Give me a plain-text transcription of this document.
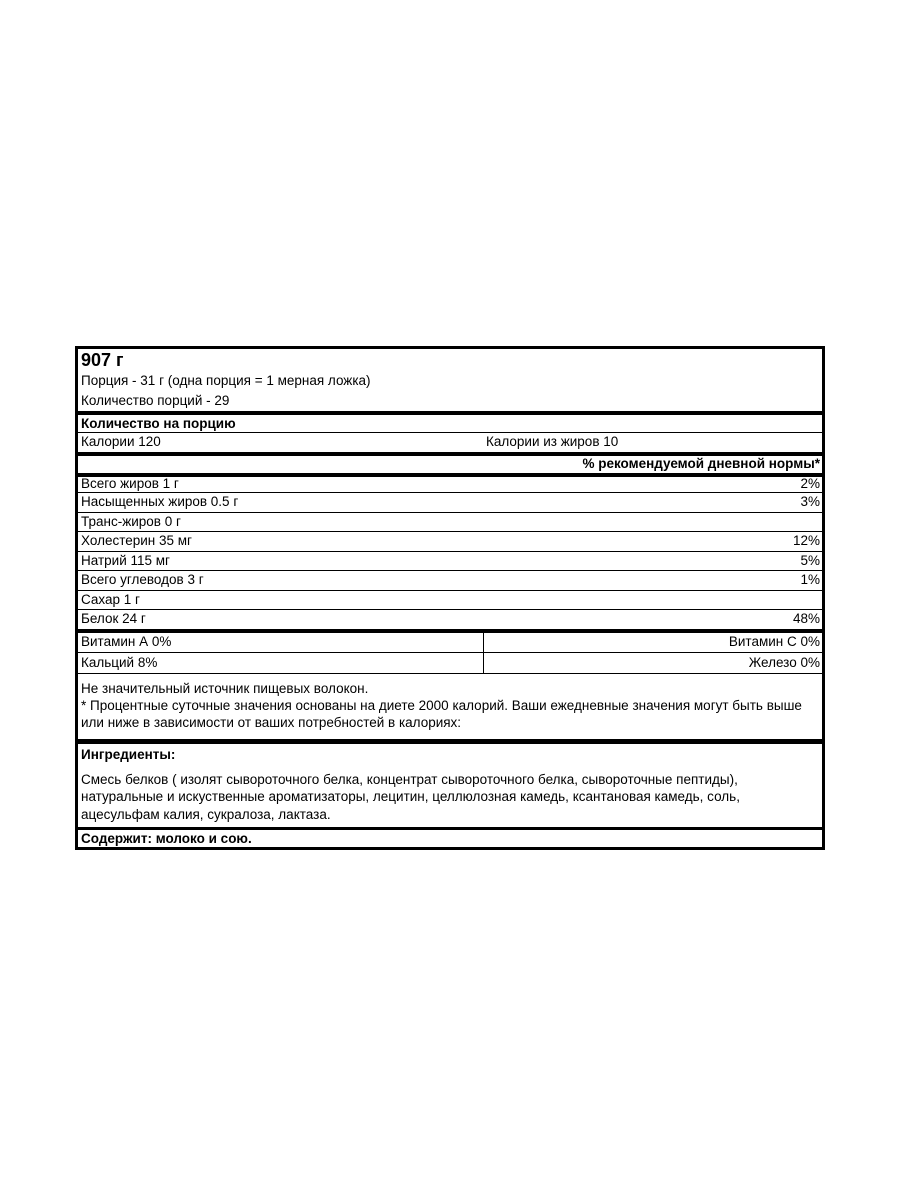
907 г
Порция - 31 г (одна порция = 1 мерная ложка)
Количество порций - 29
Количество на порцию
Калории 120	Калории из жиров 10
% рекомендуемой дневной нормы*
Всего жиров 1 г	2%
Насыщенных жиров 0.5 г	3%
Транс-жиров 0 г
Холестерин 35 мг	12%
Натрий 115 мг	5%
Всего углеводов 3 г	1%
Сахар 1 г
Белок 24 г	48%
Витамин А 0%	Витамин С 0%
Кальций 8%	Железо 0%

Не значительный источник пищевых волокон.

* Процентные суточные значения основаны на диете 2000 калорий. Ваши ежедневные значения могут быть выше или ниже в зависимости от ваших потребностей в калориях:

Ингредиенты:
Смесь белков ( изолят сывороточного белка, концентрат сывороточного белка, сывороточные пептиды), натуральные и искуственные ароматизаторы, лецитин, целлюлозная камедь, ксантановая камедь, соль, ацесульфам калия, сукралоза, лактаза.
Содержит: молоко и сою.
